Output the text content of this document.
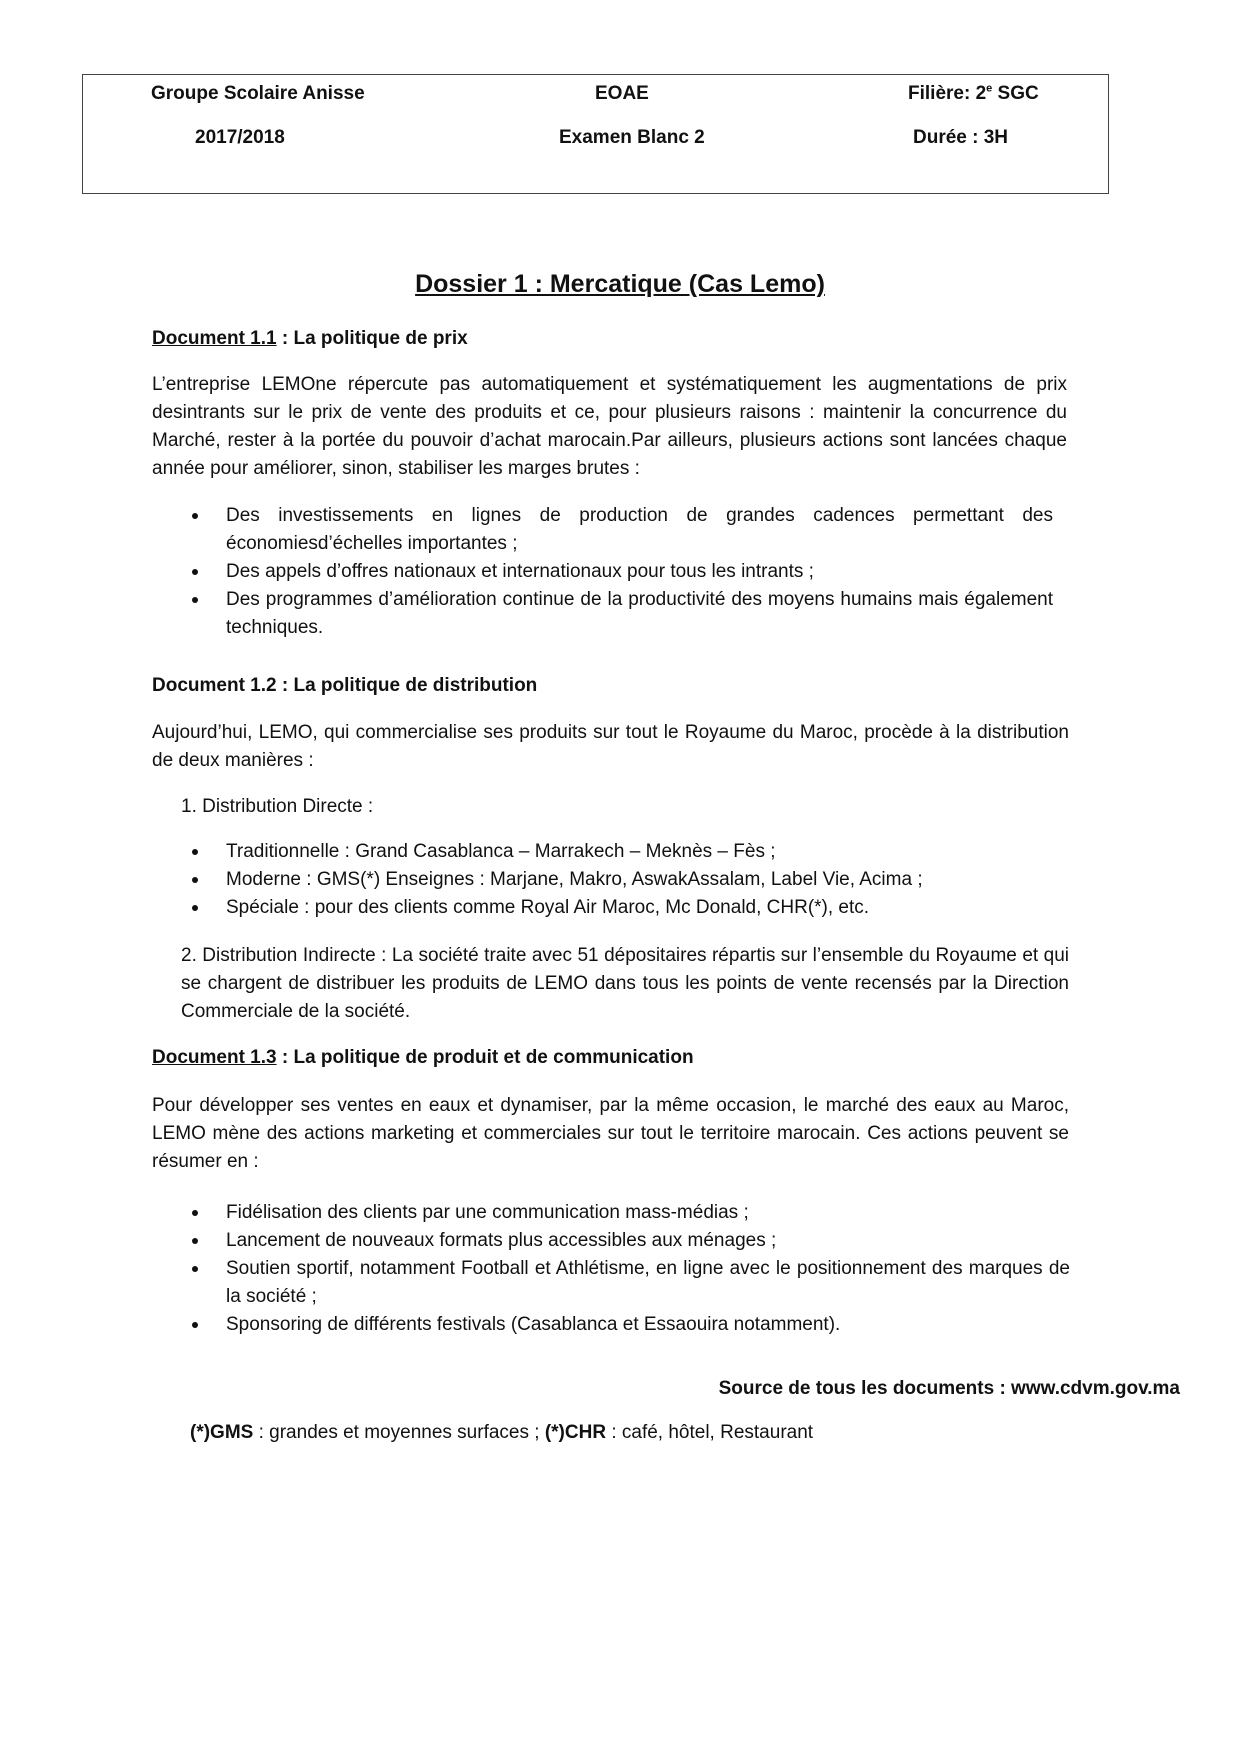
Groupe Scolaire Anisse	EOAE	Filière: 2e SGC
2017/2018	Examen Blanc 2	Durée : 3H
Dossier 1 : Mercatique (Cas Lemo)
Document 1.1 : La politique de prix
L’entreprise LEMOne répercute pas automatiquement et systématiquement les augmentations de prix desintrants sur le prix de vente des produits et ce, pour plusieurs raisons : maintenir la concurrence du Marché, rester à la portée du pouvoir d’achat marocain.Par ailleurs, plusieurs actions sont lancées chaque année pour améliorer, sinon, stabiliser les marges brutes :
Des investissements en lignes de production de grandes cadences permettant des économiesd’échelles importantes ;
Des appels d’offres nationaux et internationaux pour tous les intrants ;
Des programmes d’amélioration continue de la productivité des moyens humains mais également techniques.
Document 1.2 : La politique de distribution
Aujourd’hui, LEMO, qui commercialise ses produits sur tout le Royaume du Maroc, procède à la distribution de deux manières :
1. Distribution Directe :
Traditionnelle : Grand Casablanca – Marrakech – Meknès – Fès ;
Moderne : GMS(*) Enseignes : Marjane, Makro, AswakAssalam, Label Vie, Acima ;
Spéciale : pour des clients comme Royal Air Maroc, Mc Donald, CHR(*), etc.
2. Distribution Indirecte : La société traite avec 51 dépositaires répartis sur l’ensemble du Royaume et qui se chargent de distribuer les produits de LEMO dans tous les points de vente recensés par la Direction Commerciale de la société.
Document 1.3 : La politique de produit et de communication
Pour développer ses ventes en eaux et dynamiser, par la même occasion, le marché des eaux au Maroc, LEMO mène des actions marketing et commerciales sur tout le territoire marocain. Ces actions peuvent se résumer en :
Fidélisation des clients par une communication mass-médias ;
Lancement de nouveaux formats plus accessibles aux ménages ;
Soutien sportif, notamment Football et Athlétisme, en ligne avec le positionnement des marques de la société ;
Sponsoring de différents festivals (Casablanca et Essaouira notamment).
Source de tous les documents : www.cdvm.gov.ma
(*)GMS : grandes et moyennes surfaces ; (*)CHR : café, hôtel, Restaurant
